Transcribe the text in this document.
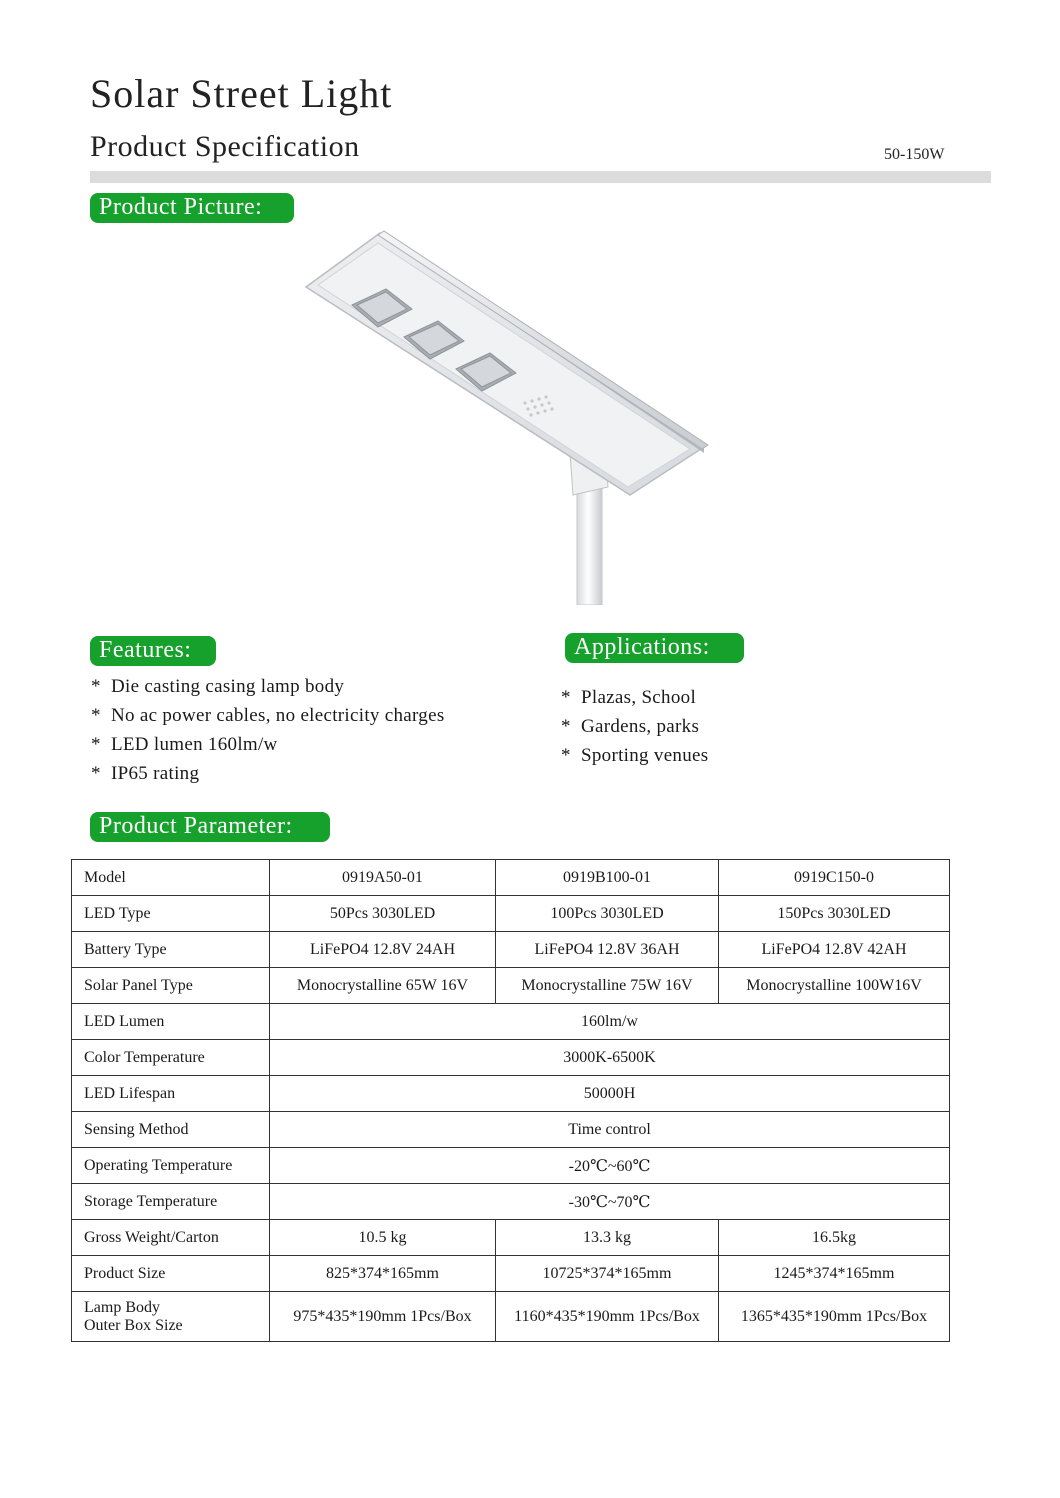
Solar Street Light
Product Specification	50-150W
Product Picture:
Features:
* Die casting casing lamp body
* No ac power cables, no electricity charges
* LED lumen 160lm/w
* IP65 rating
Applications:
* Plazas, School
* Gardens, parks
* Sporting venues
Product Parameter:
Model	0919A50-01	0919B100-01	0919C150-0
LED Type	50Pcs 3030LED	100Pcs 3030LED	150Pcs 3030LED
Battery Type	LiFePO4 12.8V 24AH	LiFePO4 12.8V 36AH	LiFePO4 12.8V 42AH
Solar Panel Type	Monocrystalline 65W 16V	Monocrystalline 75W 16V	Monocrystalline 100W16V
LED Lumen	160lm/w		
Color Temperature	3000K-6500K		
LED Lifespan	50000H		
Sensing Method	Time control		
Operating Temperature	-20℃~60℃		
Storage Temperature	-30℃~70℃		
Gross Weight/Carton	10.5 kg	13.3 kg	16.5kg
Product Size	825*374*165mm	10725*374*165mm	1245*374*165mm

Lamp Body
Outer Box Size	975*435*190mm 1Pcs/Box	1160*435*190mm 1Pcs/Box	1365*435*190mm 1Pcs/Box
